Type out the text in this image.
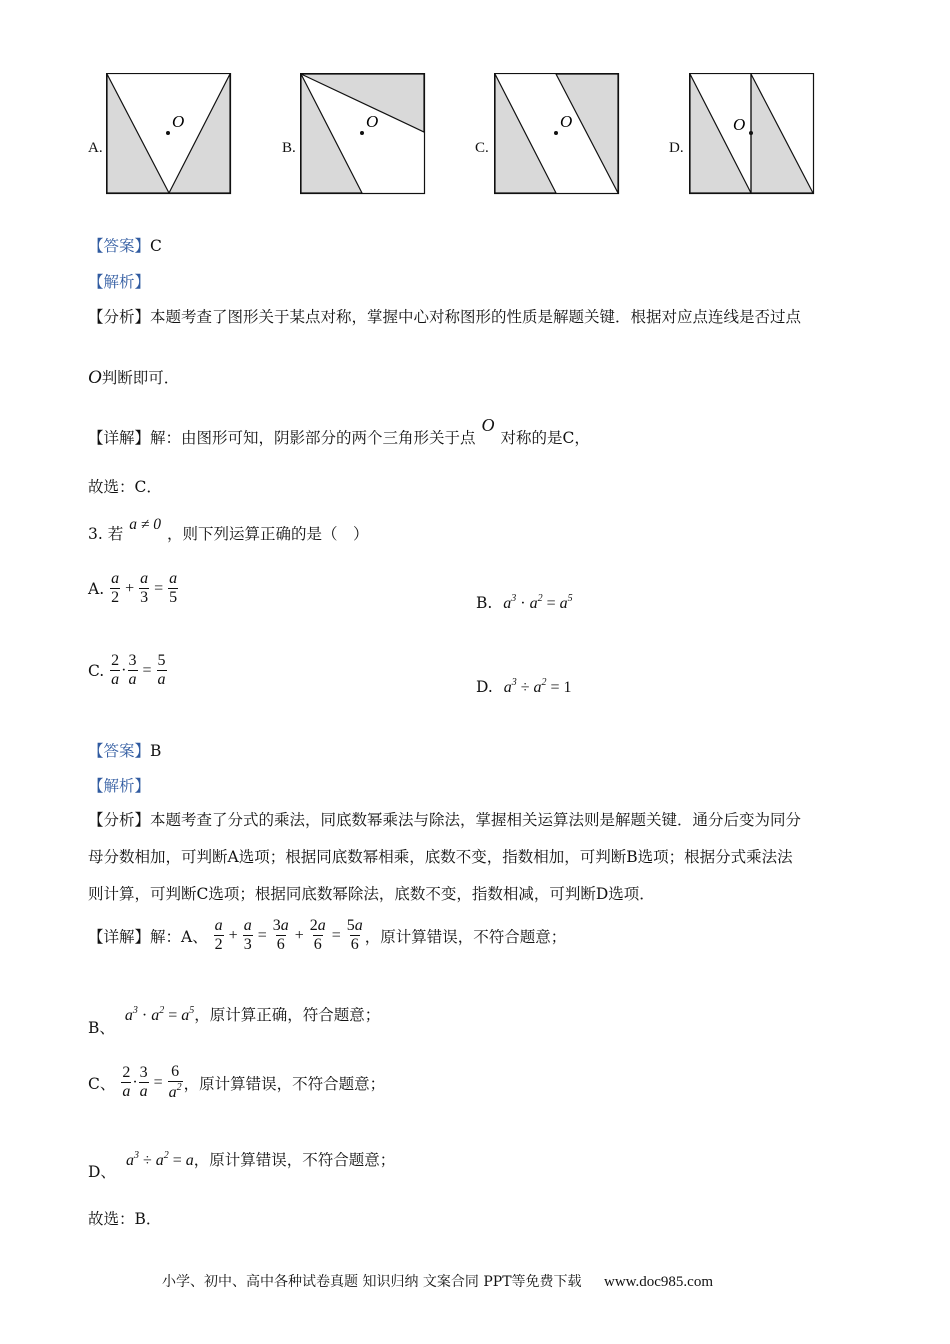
A.
O
B.
O
C.
O
D.
O
【答案】C
【解析】
【分析】本题考查了图形关于某点对称，掌握中心对称图形的性质是解题关键．根据对应点连线是否过点
O判断即可．
【详解】解：由图形可知，阴影部分的两个三角形关于点O对称的是C，
故选：C．
3. 若a ≠ 0，则下列运算正确的是（　）
A. $\frac{a}{2} + \frac{a}{3} = \frac{a}{5}$	B. $a^3 \cdot a^2 = a^5$
C. $\frac{2}{a} \cdot \frac{3}{a} = \frac{5}{a}$	D. $a^3 \div a^2 = 1$
【答案】B
【解析】
【分析】本题考查了分式的乘法，同底数幂乘法与除法，掌握相关运算法则是解题关键．通分后变为同分
母分数相加，可判断A选项；根据同底数幂相乘，底数不变，指数相加，可判断B选项；根据分式乘法法
则计算，可判断C选项；根据同底数幂除法，底数不变，指数相减，可判断D选项．
【详解】解：A、 $\frac{a}{2} + \frac{a}{3} = \frac{3a}{6} + \frac{2a}{6} = \frac{5a}{6}$ ，原计算错误，不符合题意；
B、$a^3 \cdot a^2 = a^5$，原计算正确，符合题意；
C、 $\frac{2}{a} \cdot \frac{3}{a} = \frac{6}{a^2}$ ，原计算错误，不符合题意；
D、$a^3 \div a^2 = a$，原计算错误，不符合题意；
故选：B．
小学、初中、高中各种试卷真题 知识归纳 文案合同 PPT等免费下载 www.doc985.com
